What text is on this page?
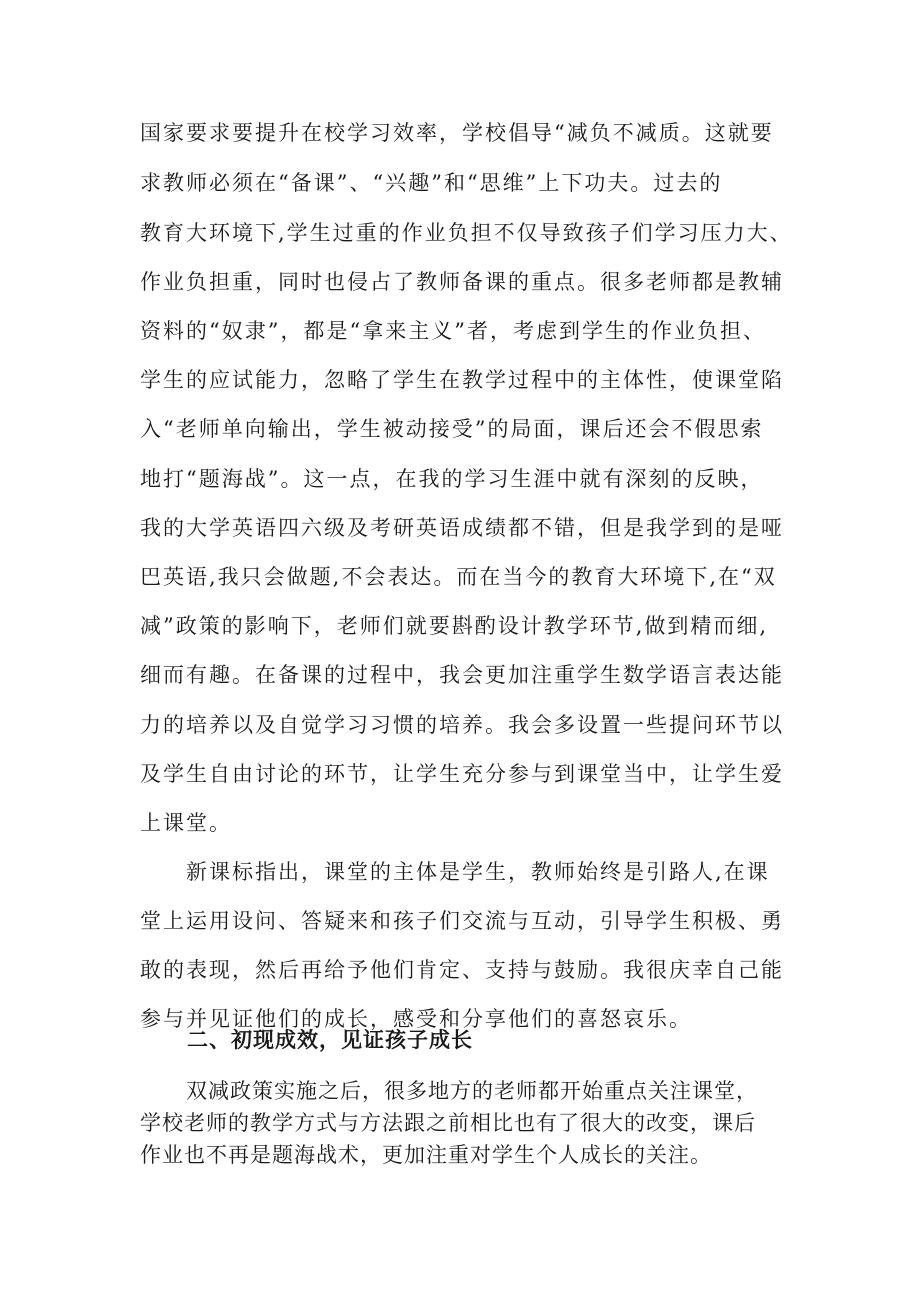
国家要求要提升在校学习效率，学校倡导“减负不减质。这就要
求教师必须在“备课”、“兴趣”和“思维”上下功夫。过去的
教育大环境下,学生过重的作业负担不仅导致孩子们学习压力大、
作业负担重，同时也侵占了教师备课的重点。很多老师都是教辅
资料的“奴隶”，都是“拿来主义”者，考虑到学生的作业负担、
学生的应试能力，忽略了学生在教学过程中的主体性，使课堂陷
入“老师单向输出，学生被动接受”的局面，课后还会不假思索
地打“题海战”。这一点，在我的学习生涯中就有深刻的反映，
我的大学英语四六级及考研英语成绩都不错，但是我学到的是哑
巴英语,我只会做题,不会表达。而在当今的教育大环境下,在“双
减”政策的影响下，老师们就要斟酌设计教学环节,做到精而细,
细而有趣。在备课的过程中，我会更加注重学生数学语言表达能
力的培养以及自觉学习习惯的培养。我会多设置一些提问环节以
及学生自由讨论的环节，让学生充分参与到课堂当中，让学生爱
上课堂。
新课标指出，课堂的主体是学生，教师始终是引路人,在课
堂上运用设问、答疑来和孩子们交流与互动，引导学生积极、勇
敢的表现，然后再给予他们肯定、支持与鼓励。我很庆幸自己能
参与并见证他们的成长，感受和分享他们的喜怒哀乐。
二、初现成效，见证孩子成长
双减政策实施之后，很多地方的老师都开始重点关注课堂，
学校老师的教学方式与方法跟之前相比也有了很大的改变，课后
作业也不再是题海战术，更加注重对学生个人成长的关注。
